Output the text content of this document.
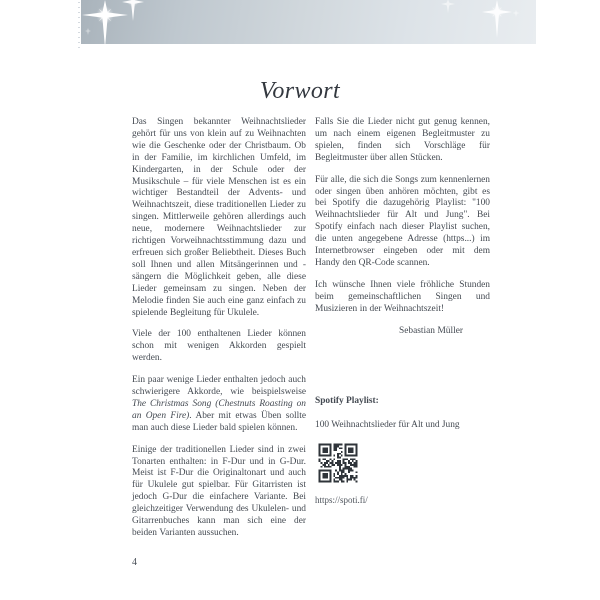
Vorwort

Das Singen bekannter Weihnachtslieder gehört für uns von klein auf zu Weihnachten wie die Geschenke oder der Christbaum. Ob in der Familie, im kirchlichen Umfeld, im Kindergarten, in der Schule oder der Musikschule – für viele Menschen ist es ein wichtiger Bestandteil der Advents- und Weihnachtszeit, diese traditionellen Lieder zu singen. Mittlerweile gehören allerdings auch neue, modernere Weihnachtslieder zur richtigen Vorweihnachtsstimmung dazu und erfreuen sich großer Beliebtheit. Dieses Buch soll Ihnen und allen Mitsängerinnen und -sängern die Möglichkeit geben, alle diese Lieder gemeinsam zu singen. Neben der Melodie finden Sie auch eine ganz einfach zu spielende Begleitung für Ukulele.

Viele der 100 enthaltenen Lieder können schon mit wenigen Akkorden gespielt werden.

Ein paar wenige Lieder enthalten jedoch auch schwierigere Akkorde, wie beispielsweise The Christmas Song (Chestnuts Roasting on an Open Fire). Aber mit etwas Üben sollte man auch diese Lieder bald spielen können.

Einige der traditionellen Lieder sind in zwei Tonarten enthalten: in F-Dur und in G-Dur. Meist ist F-Dur die Originaltonart und auch für Ukulele gut spielbar. Für Gitarristen ist jedoch G-Dur die einfachere Variante. Bei gleichzeitiger Verwendung des Ukulelen- und Gitarrenbuches kann man sich eine der beiden Varianten aussuchen.

Falls Sie die Lieder nicht gut genug kennen, um nach einem eigenen Begleitmuster zu spielen, finden sich Vorschläge für Begleitmuster über allen Stücken.

Für alle, die sich die Songs zum kennenlernen oder singen üben anhören möchten, gibt es bei Spotify die dazugehörig Playlist: "100 Weihnachtslieder für Alt und Jung". Bei Spotify einfach nach dieser Playlist suchen, die unten angegebene Adresse (https...) im Internetbrowser eingeben oder mit dem Handy den QR-Code scannen.

Ich wünsche Ihnen viele fröhliche Stunden beim gemeinschaftlichen Singen und Musizieren in der Weihnachtszeit!

Sebastian Müller
Spotify Playlist:
100 Weihnachtslieder für Alt und Jung
https://spoti.fi/
4
